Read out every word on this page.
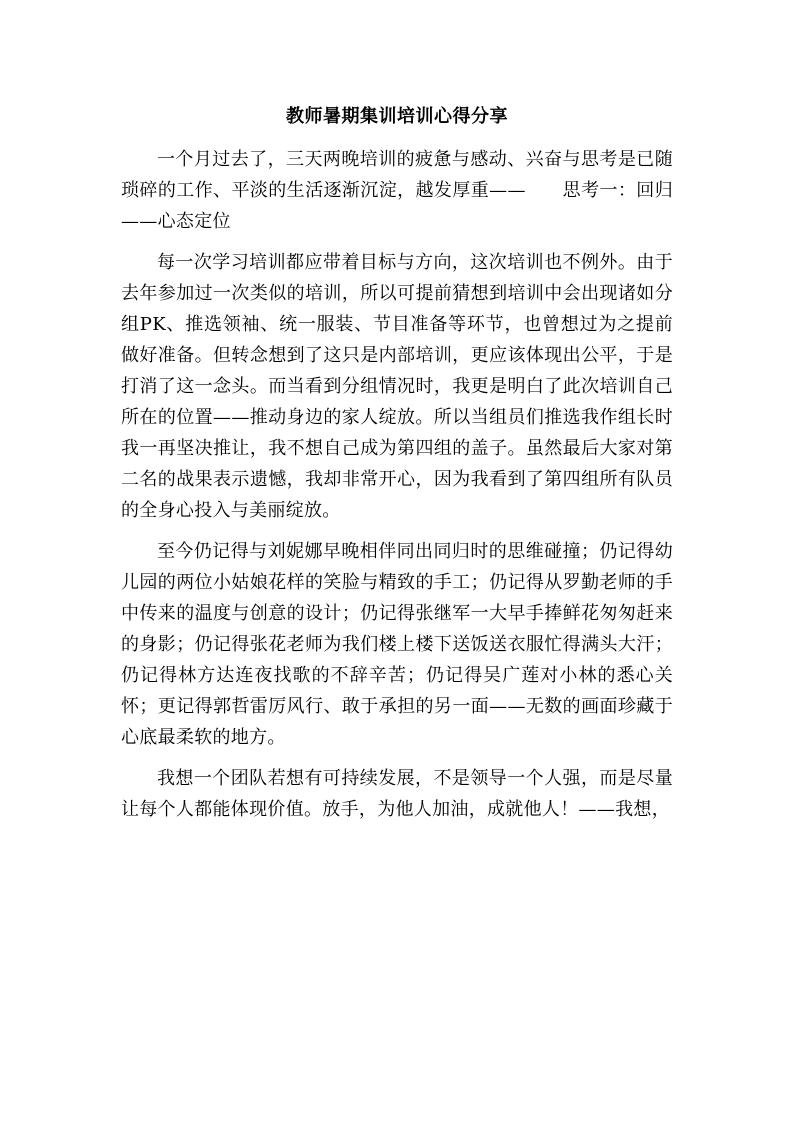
教师暑期集训培训心得分享

一个月过去了，三天两晚培训的疲惫与感动、兴奋与思考是已随琐碎的工作、平淡的生活逐渐沉淀，越发厚重——　　思考一：回归——心态定位

每一次学习培训都应带着目标与方向，这次培训也不例外。由于去年参加过一次类似的培训，所以可提前猜想到培训中会出现诸如分组PK、推选领袖、统一服装、节目准备等环节，也曾想过为之提前做好准备。但转念想到了这只是内部培训，更应该体现出公平，于是打消了这一念头。而当看到分组情况时，我更是明白了此次培训自己所在的位置——推动身边的家人绽放。所以当组员们推选我作组长时我一再坚决推让，我不想自己成为第四组的盖子。虽然最后大家对第二名的战果表示遗憾，我却非常开心，因为我看到了第四组所有队员的全身心投入与美丽绽放。

至今仍记得与刘妮娜早晚相伴同出同归时的思维碰撞；仍记得幼儿园的两位小姑娘花样的笑脸与精致的手工；仍记得从罗勤老师的手中传来的温度与创意的设计；仍记得张继军一大早手捧鲜花匆匆赶来的身影；仍记得张花老师为我们楼上楼下送饭送衣服忙得满头大汗；仍记得林方达连夜找歌的不辞辛苦；仍记得吴广莲对小林的悉心关怀；更记得郭哲雷厉风行、敢于承担的另一面——无数的画面珍藏于心底最柔软的地方。

我想一个团队若想有可持续发展，不是领导一个人强，而是尽量让每个人都能体现价值。放手，为他人加油，成就他人！——我想，
